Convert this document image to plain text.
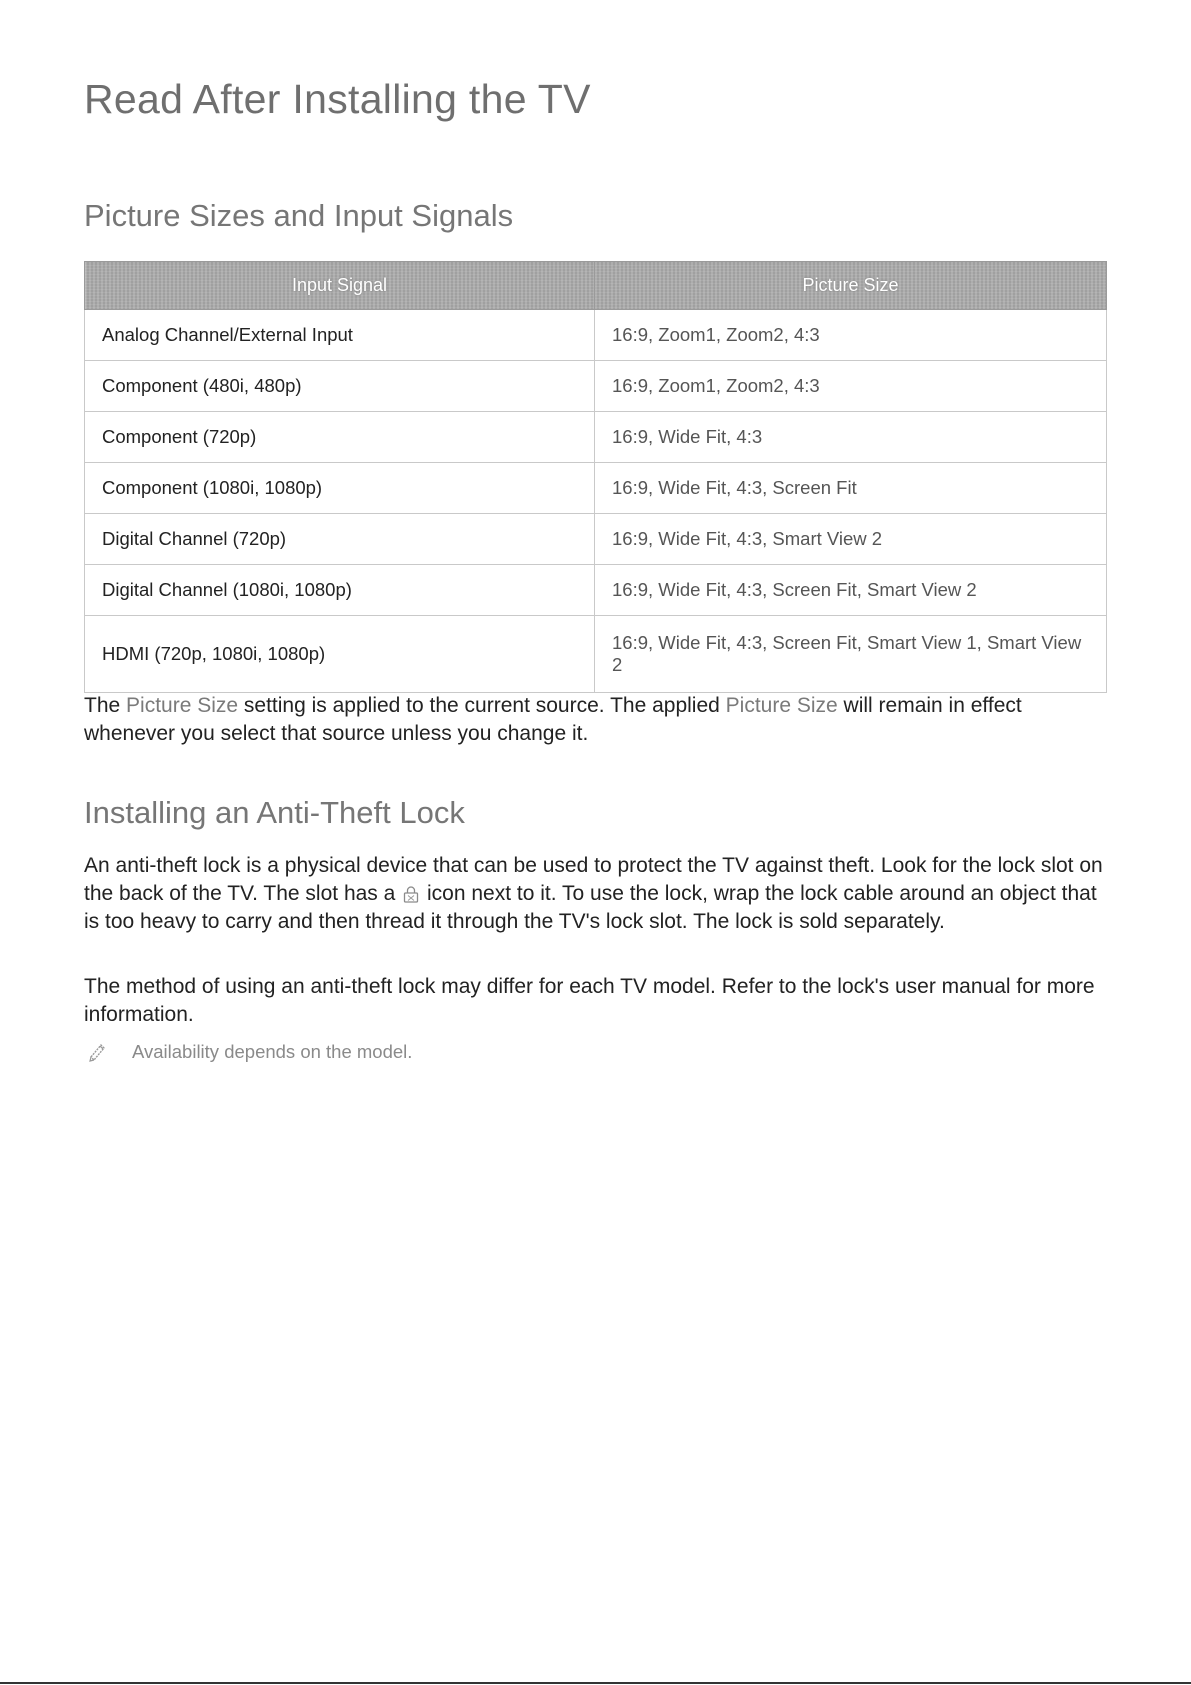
Read After Installing the TV
Picture Sizes and Input Signals
Input Signal	Picture Size
Analog Channel/External Input	16:9, Zoom1, Zoom2, 4:3
Component (480i, 480p)	16:9, Zoom1, Zoom2, 4:3
Component (720p)	16:9, Wide Fit, 4:3
Component (1080i, 1080p)	16:9, Wide Fit, 4:3, Screen Fit
Digital Channel (720p)	16:9, Wide Fit, 4:3, Smart View 2
Digital Channel (1080i, 1080p)	16:9, Wide Fit, 4:3, Screen Fit, Smart View 2
HDMI (720p, 1080i, 1080p)	16:9, Wide Fit, 4:3, Screen Fit, Smart View 1, Smart View 2

The Picture Size setting is applied to the current source. The applied Picture Size will remain in effect whenever you select that source unless you change it.

Installing an Anti-Theft Lock

An anti-theft lock is a physical device that can be used to protect the TV against theft. Look for the lock slot on the back of the TV. The slot has a  icon next to it. To use the lock, wrap the lock cable around an object that is too heavy to carry and then thread it through the TV's lock slot. The lock is sold separately.

The method of using an anti-theft lock may differ for each TV model. Refer to the lock's user manual for more information.

Availability depends on the model.
